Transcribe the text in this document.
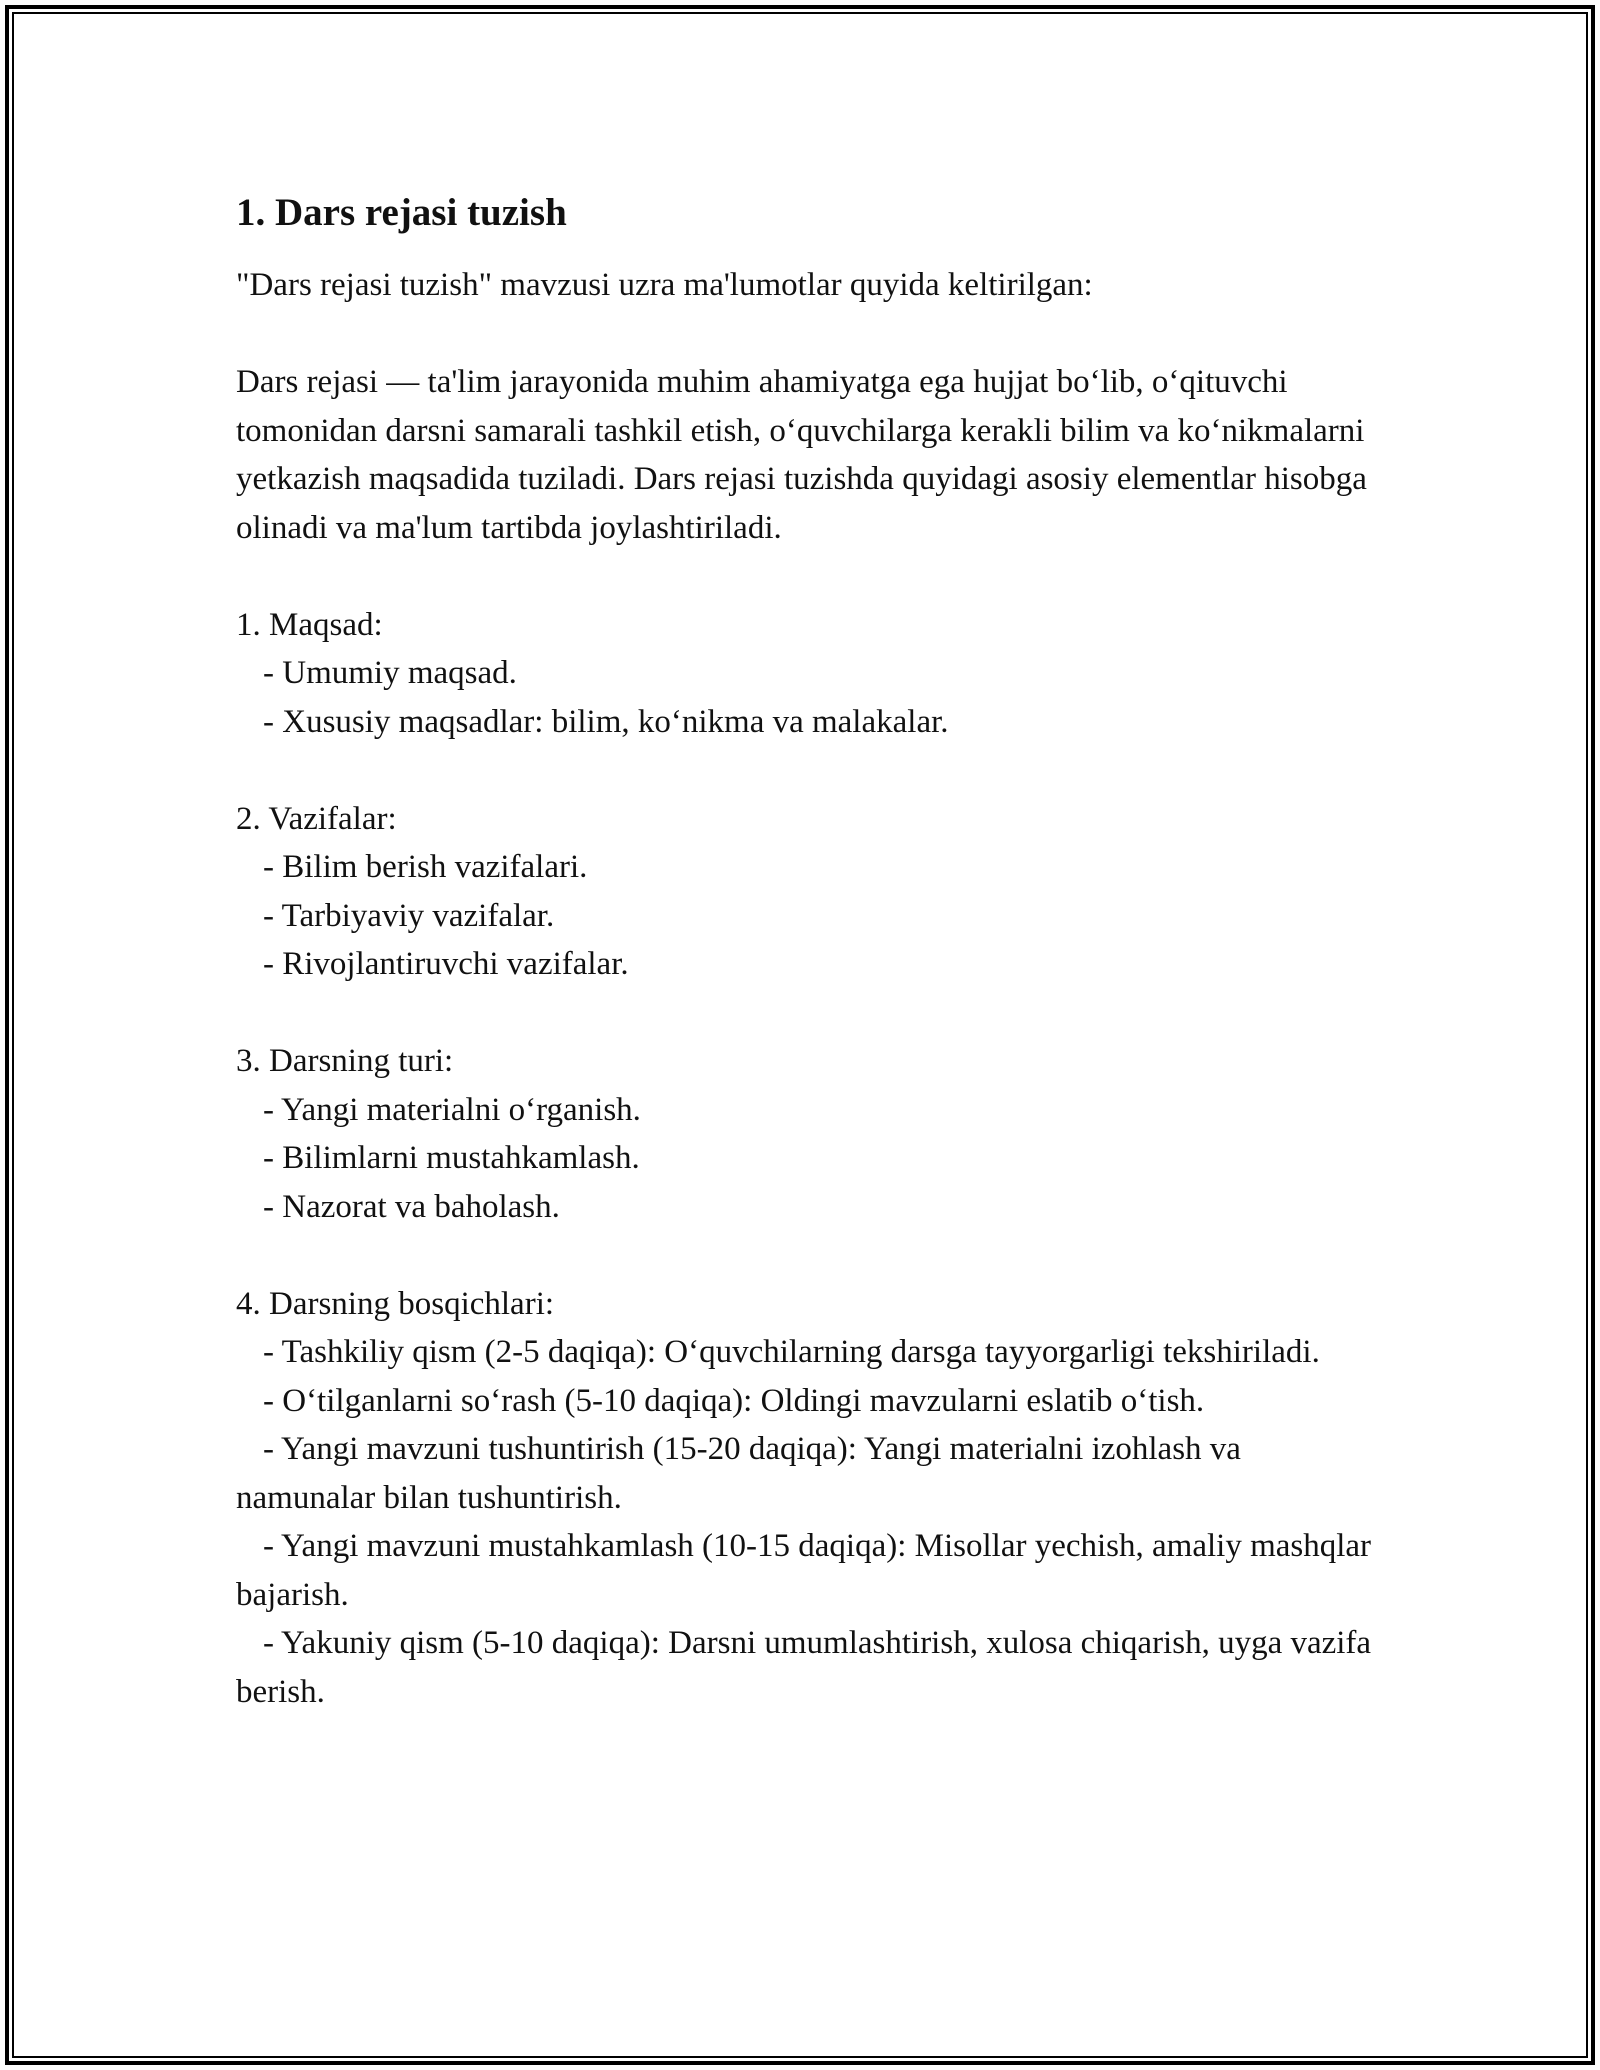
1. Dars rejasi tuzish

"Dars rejasi tuzish" mavzusi uzra ma'lumotlar quyida keltirilgan:

Dars rejasi — ta'lim jarayonida muhim ahamiyatga ega hujjat bo‘lib, o‘qituvchi tomonidan darsni samarali tashkil etish, o‘quvchilarga kerakli bilim va ko‘nikmalarni yetkazish maqsadida tuziladi. Dars rejasi tuzishda quyidagi asosiy elementlar hisobga olinadi va ma'lum tartibda joylashtiriladi.

1. Maqsad:

- Umumiy maqsad.

- Xususiy maqsadlar: bilim, ko‘nikma va malakalar.

2. Vazifalar:

- Bilim berish vazifalari.

- Tarbiyaviy vazifalar.

- Rivojlantiruvchi vazifalar.

3. Darsning turi:

- Yangi materialni o‘rganish.

- Bilimlarni mustahkamlash.

- Nazorat va baholash.

4. Darsning bosqichlari:

- Tashkiliy qism (2-5 daqiqa): O‘quvchilarning darsga tayyorgarligi tekshiriladi.

- O‘tilganlarni so‘rash (5-10 daqiqa): Oldingi mavzularni eslatib o‘tish.

- Yangi mavzuni tushuntirish (15-20 daqiqa): Yangi materialni izohlash va namunalar bilan tushuntirish.

- Yangi mavzuni mustahkamlash (10-15 daqiqa): Misollar yechish, amaliy mashqlar bajarish.

- Yakuniy qism (5-10 daqiqa): Darsni umumlashtirish, xulosa chiqarish, uyga vazifa berish.
